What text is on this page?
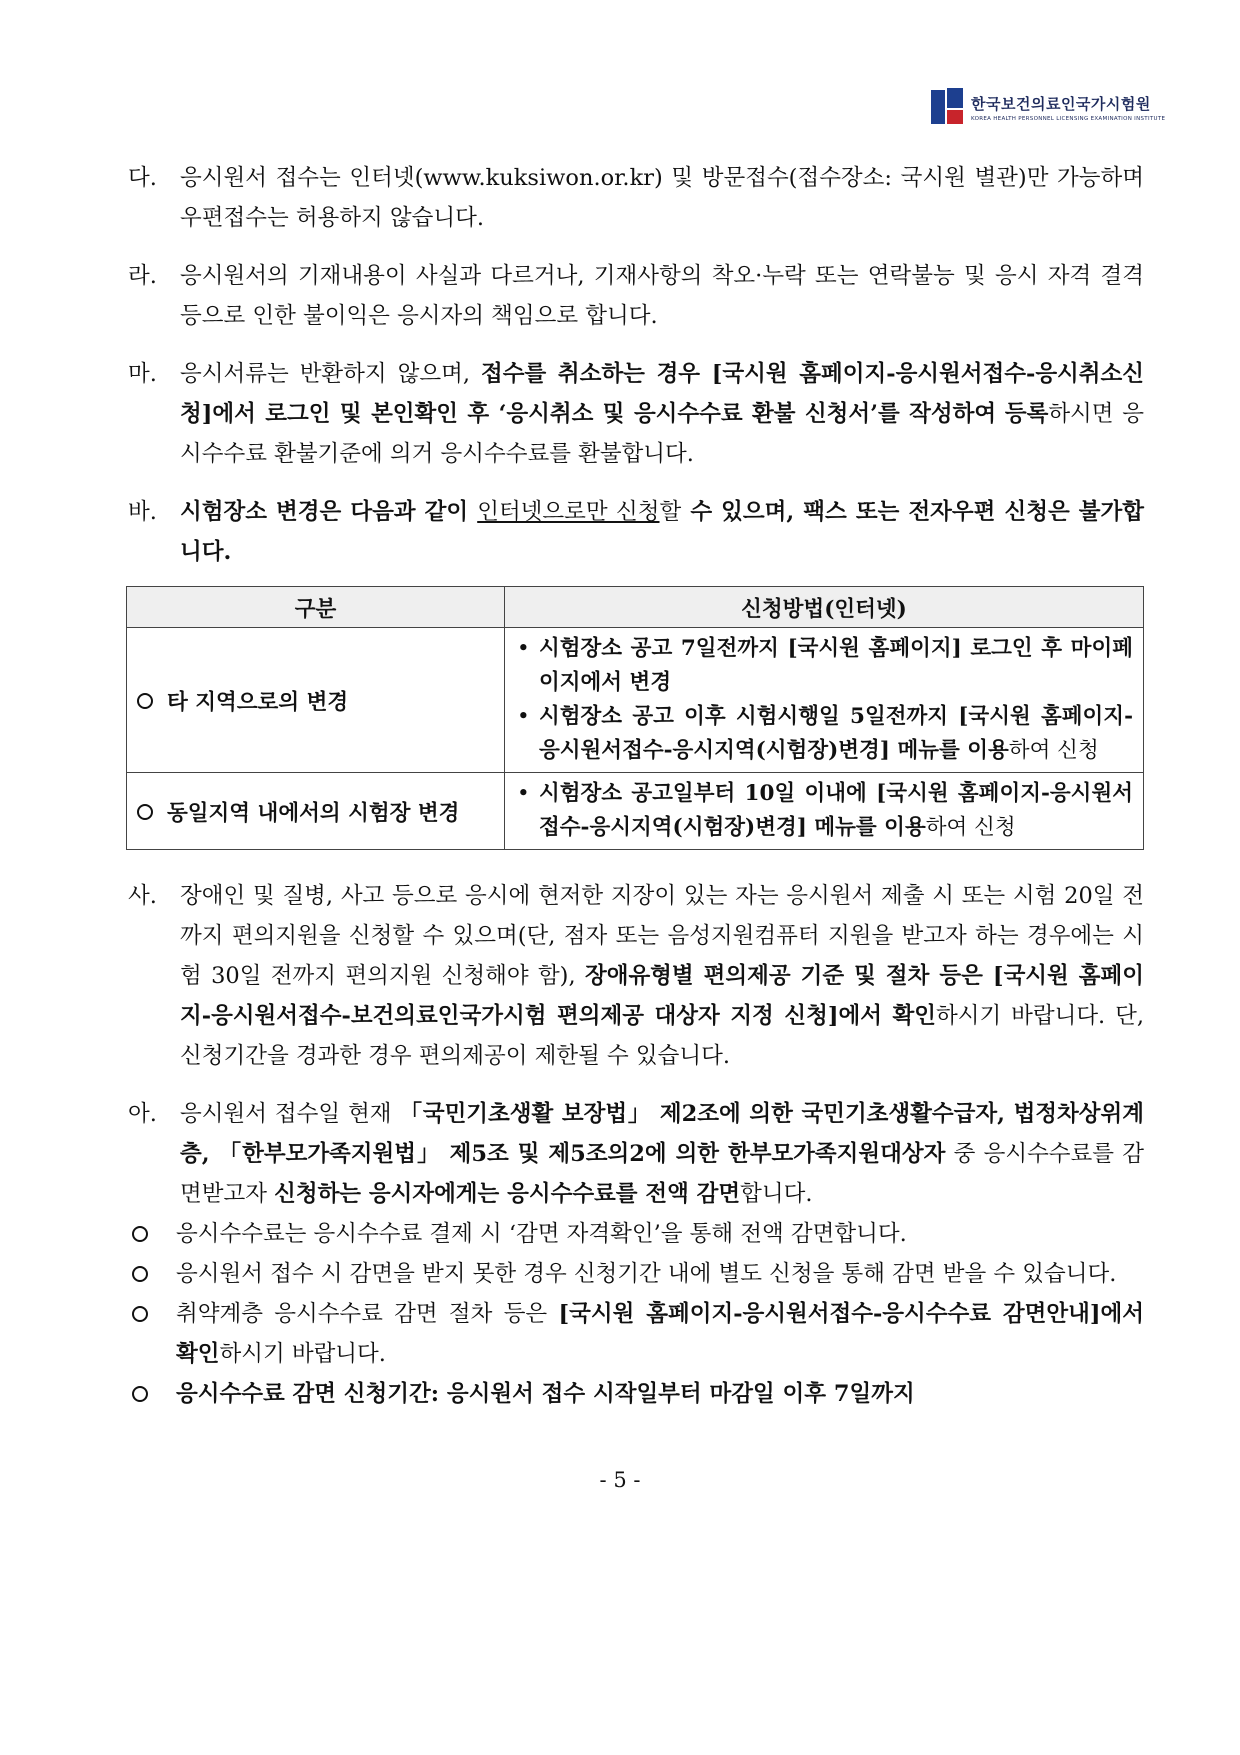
한국보건의료인국가시험원
KOREA HEALTH PERSONNEL LICENSING EXAMINATION INSTITUTE

다. 응시원서 접수는 인터넷(www.kuksiwon.or.kr) 및 방문접수(접수장소: 국시원 별관)만 가능하며 우편접수는 허용하지 않습니다.

라. 응시원서의 기재내용이 사실과 다르거나, 기재사항의 착오·누락 또는 연락불능 및 응시 자격 결격 등으로 인한 불이익은 응시자의 책임으로 합니다.

마. 응시서류는 반환하지 않으며, 접수를 취소하는 경우 [국시원 홈페이지-응시원서접수-응시취소신청]에서 로그인 및 본인확인 후 ‘응시취소 및 응시수수료 환불 신청서’를 작성하여 등록하시면 응시수수료 환불기준에 의거 응시수수료를 환불합니다.

바. 시험장소 변경은 다음과 같이 인터넷으로만 신청할 수 있으며, 팩스 또는 전자우편 신청은 불가합니다.

구분	신청방법(인터넷)
타 지역으로의 변경	• 시험장소 공고 7일전까지 [국시원 홈페이지] 로그인 후 마이페이지에서 변경
• 시험장소 공고 이후 시험시행일 5일전까지 [국시원 홈페이지-응시원서접수-응시지역(시험장)변경] 메뉴를 이용하여 신청

동일지역 내에서의 시험장 변경	• 시험장소 공고일부터 10일 이내에 [국시원 홈페이지-응시원서접수-응시지역(시험장)변경] 메뉴를 이용하여 신청

사. 장애인 및 질병, 사고 등으로 응시에 현저한 지장이 있는 자는 응시원서 제출 시 또는 시험 20일 전까지 편의지원을 신청할 수 있으며(단, 점자 또는 음성지원컴퓨터 지원을 받고자 하는 경우에는 시험 30일 전까지 편의지원 신청해야 함), 장애유형별 편의제공 기준 및 절차 등은 [국시원 홈페이지-응시원서접수-보건의료인국가시험 편의제공 대상자 지정 신청]에서 확인하시기 바랍니다. 단, 신청기간을 경과한 경우 편의제공이 제한될 수 있습니다.

아. 응시원서 접수일 현재 「국민기초생활 보장법」 제2조에 의한 국민기초생활수급자, 법정차상위계층, 「한부모가족지원법」 제5조 및 제5조의2에 의한 한부모가족지원대상자 중 응시수수료를 감면받고자 신청하는 응시자에게는 응시수수료를 전액 감면합니다.

응시수수료는 응시수수료 결제 시 ‘감면 자격확인’을 통해 전액 감면합니다.

응시원서 접수 시 감면을 받지 못한 경우 신청기간 내에 별도 신청을 통해 감면 받을 수 있습니다.

취약계층 응시수수료 감면 절차 등은 [국시원 홈페이지-응시원서접수-응시수수료 감면안내]에서 확인하시기 바랍니다.

응시수수료 감면 신청기간: 응시원서 접수 시작일부터 마감일 이후 7일까지

- 5 -
